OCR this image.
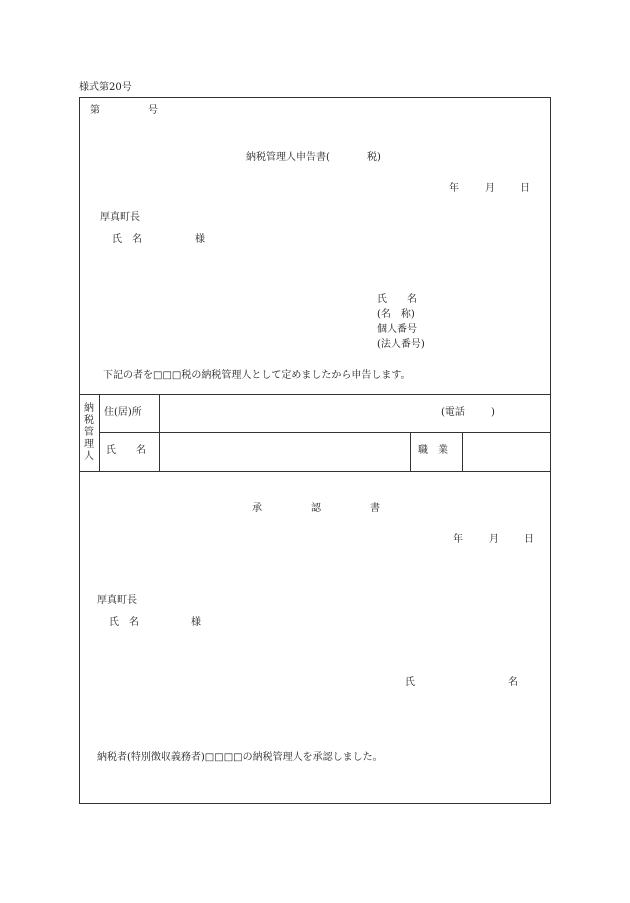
様式第20号
第	号
納税管理人申告書(	税)
年	月	日
厚真町長
氏　名	様
氏　　名
(名　称)
個人番号
(法人番号)
下記の者を□□□税の納税管理人として定めましたから申告します。
納
税
管
理
人
住(居)所	(電話	)
氏　　名	職　業
承	認	書
年	月	日
厚真町長
氏　名	様
氏	名
納税者(特別徴収義務者)□□□□の納税管理人を承認しました。
